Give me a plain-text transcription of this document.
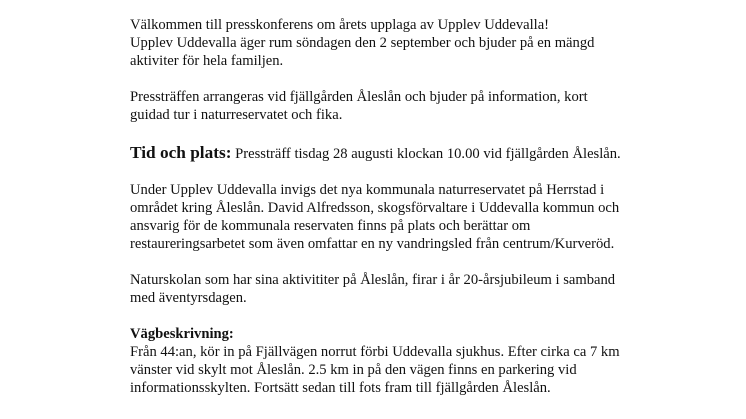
Välkommen till presskonferens om årets upplaga av Upplev Uddevalla!
Upplev Uddevalla äger rum söndagen den 2 september och bjuder på en mängd
aktiviter för hela familjen.

Pressträffen arrangeras vid fjällgården Åleslån och bjuder på information, kort
guidad tur i naturreservatet och fika.

Tid och plats: Pressträff tisdag 28 augusti klockan 10.00 vid fjällgården Åleslån.

Under Upplev Uddevalla invigs det nya kommunala naturreservatet på Herrstad i
området kring Åleslån. David Alfredsson, skogsförvaltare i Uddevalla kommun och
ansvarig för de kommunala reservaten finns på plats och berättar om
restaureringsarbetet som även omfattar en ny vandringsled från centrum/Kurveröd.

Naturskolan som har sina aktivititer på Åleslån, firar i år 20-årsjubileum i samband
med äventyrsdagen.

Vägbeskrivning:
Från 44:an, kör in på Fjällvägen norrut förbi Uddevalla sjukhus. Efter cirka ca 7 km
vänster vid skylt mot Åleslån. 2.5 km in på den vägen finns en parkering vid
informationsskylten. Fortsätt sedan till fots fram till fjällgården Åleslån.
